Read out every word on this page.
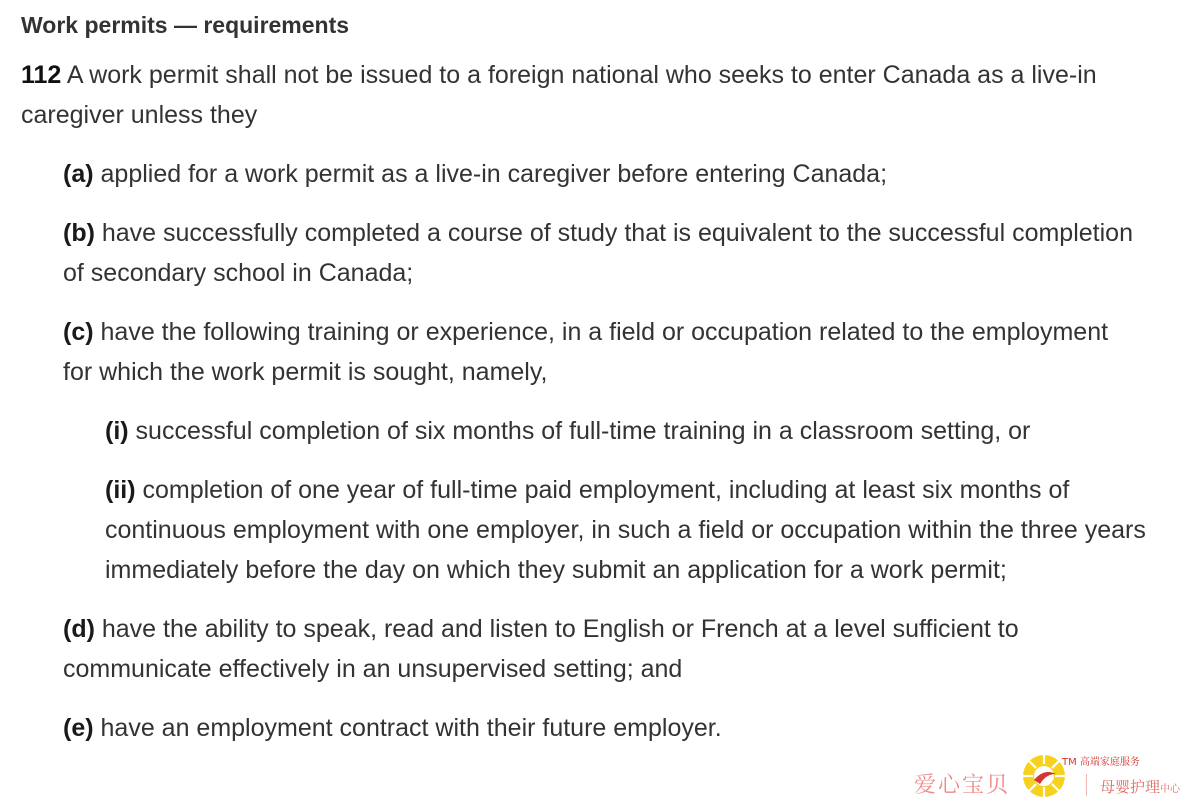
Work permits — requirements

112 A work permit shall not be issued to a foreign national who seeks to enter Canada as a live-in caregiver unless they

(a) applied for a work permit as a live-in caregiver before entering Canada;

(b) have successfully completed a course of study that is equivalent to the successful completion of secondary school in Canada;

(c) have the following training or experience, in a field or occupation related to the employment for which the work permit is sought, namely,

(i) successful completion of six months of full-time training in a classroom setting, or

(ii) completion of one year of full-time paid employment, including at least six months of continuous employment with one employer, in such a field or occupation within the three years immediately before the day on which they submit an application for a work permit;

(d) have the ability to speak, read and listen to English or French at a level sufficient to communicate effectively in an unsupervised setting; and

(e) have an employment contract with their future employer.

爱心宝贝
TM 高端家庭服务
母婴护理中心
